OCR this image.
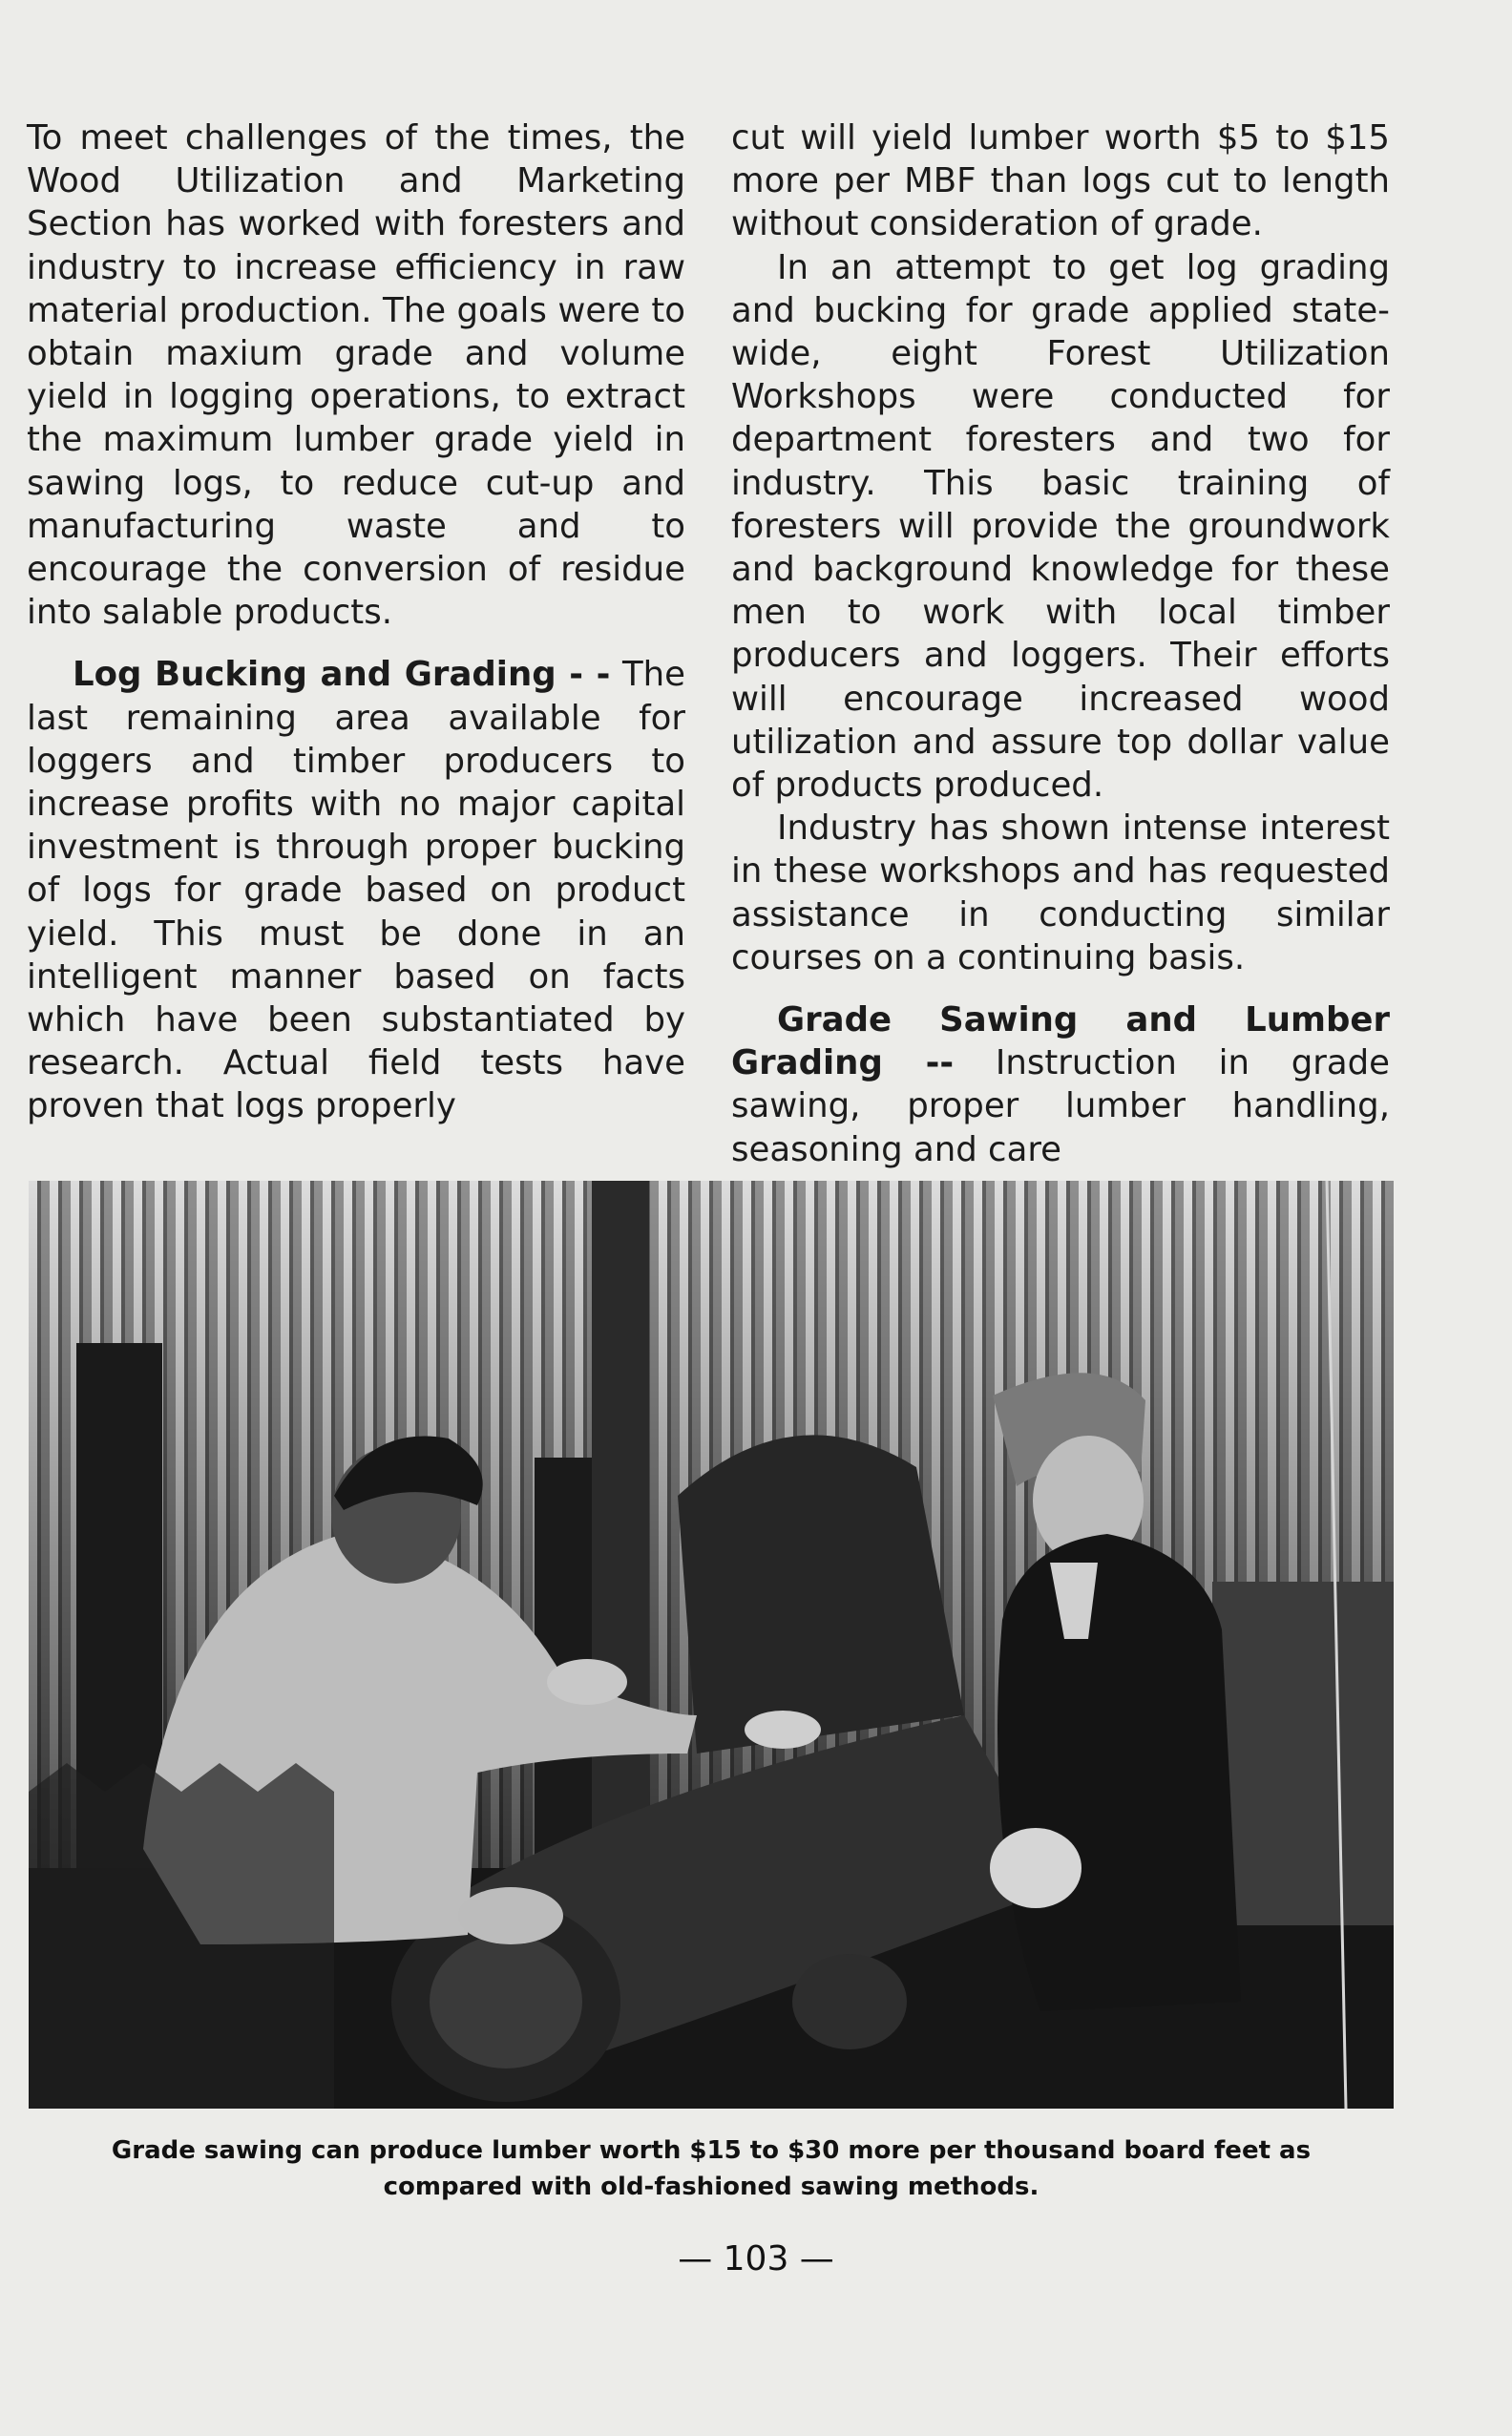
To meet challenges of the times, the Wood Utilization and Marketing Section has worked with foresters and industry to increase efficiency in raw material production. The goals were to obtain maxium grade and volume yield in logging operations, to extract the maximum lumber grade yield in sawing logs, to reduce cut-up and manufacturing waste and to encourage the conversion of residue into salable products.

Log Bucking and Grading - - The last remaining area available for loggers and timber producers to increase profits with no major capital investment is through proper bucking of logs for grade based on product yield. This must be done in an intelligent manner based on facts which have been substantiated by research. Actual field tests have proven that logs properly

cut will yield lumber worth $5 to $15 more per MBF than logs cut to length without consideration of grade.

In an attempt to get log grading and bucking for grade applied state-wide, eight Forest Utilization Workshops were conducted for department foresters and two for industry. This basic training of foresters will provide the groundwork and background knowledge for these men to work with local timber producers and loggers. Their efforts will encourage increased wood utilization and assure top dollar value of products produced.

Industry has shown intense interest in these workshops and has requested assistance in conducting similar courses on a continuing basis.

Grade Sawing and Lumber Grading -- Instruction in grade sawing, proper lumber handling, seasoning and care

Grade sawing can produce lumber worth $15 to $30 more per thousand board feet as compared with old-fashioned sawing methods.
— 103 —
